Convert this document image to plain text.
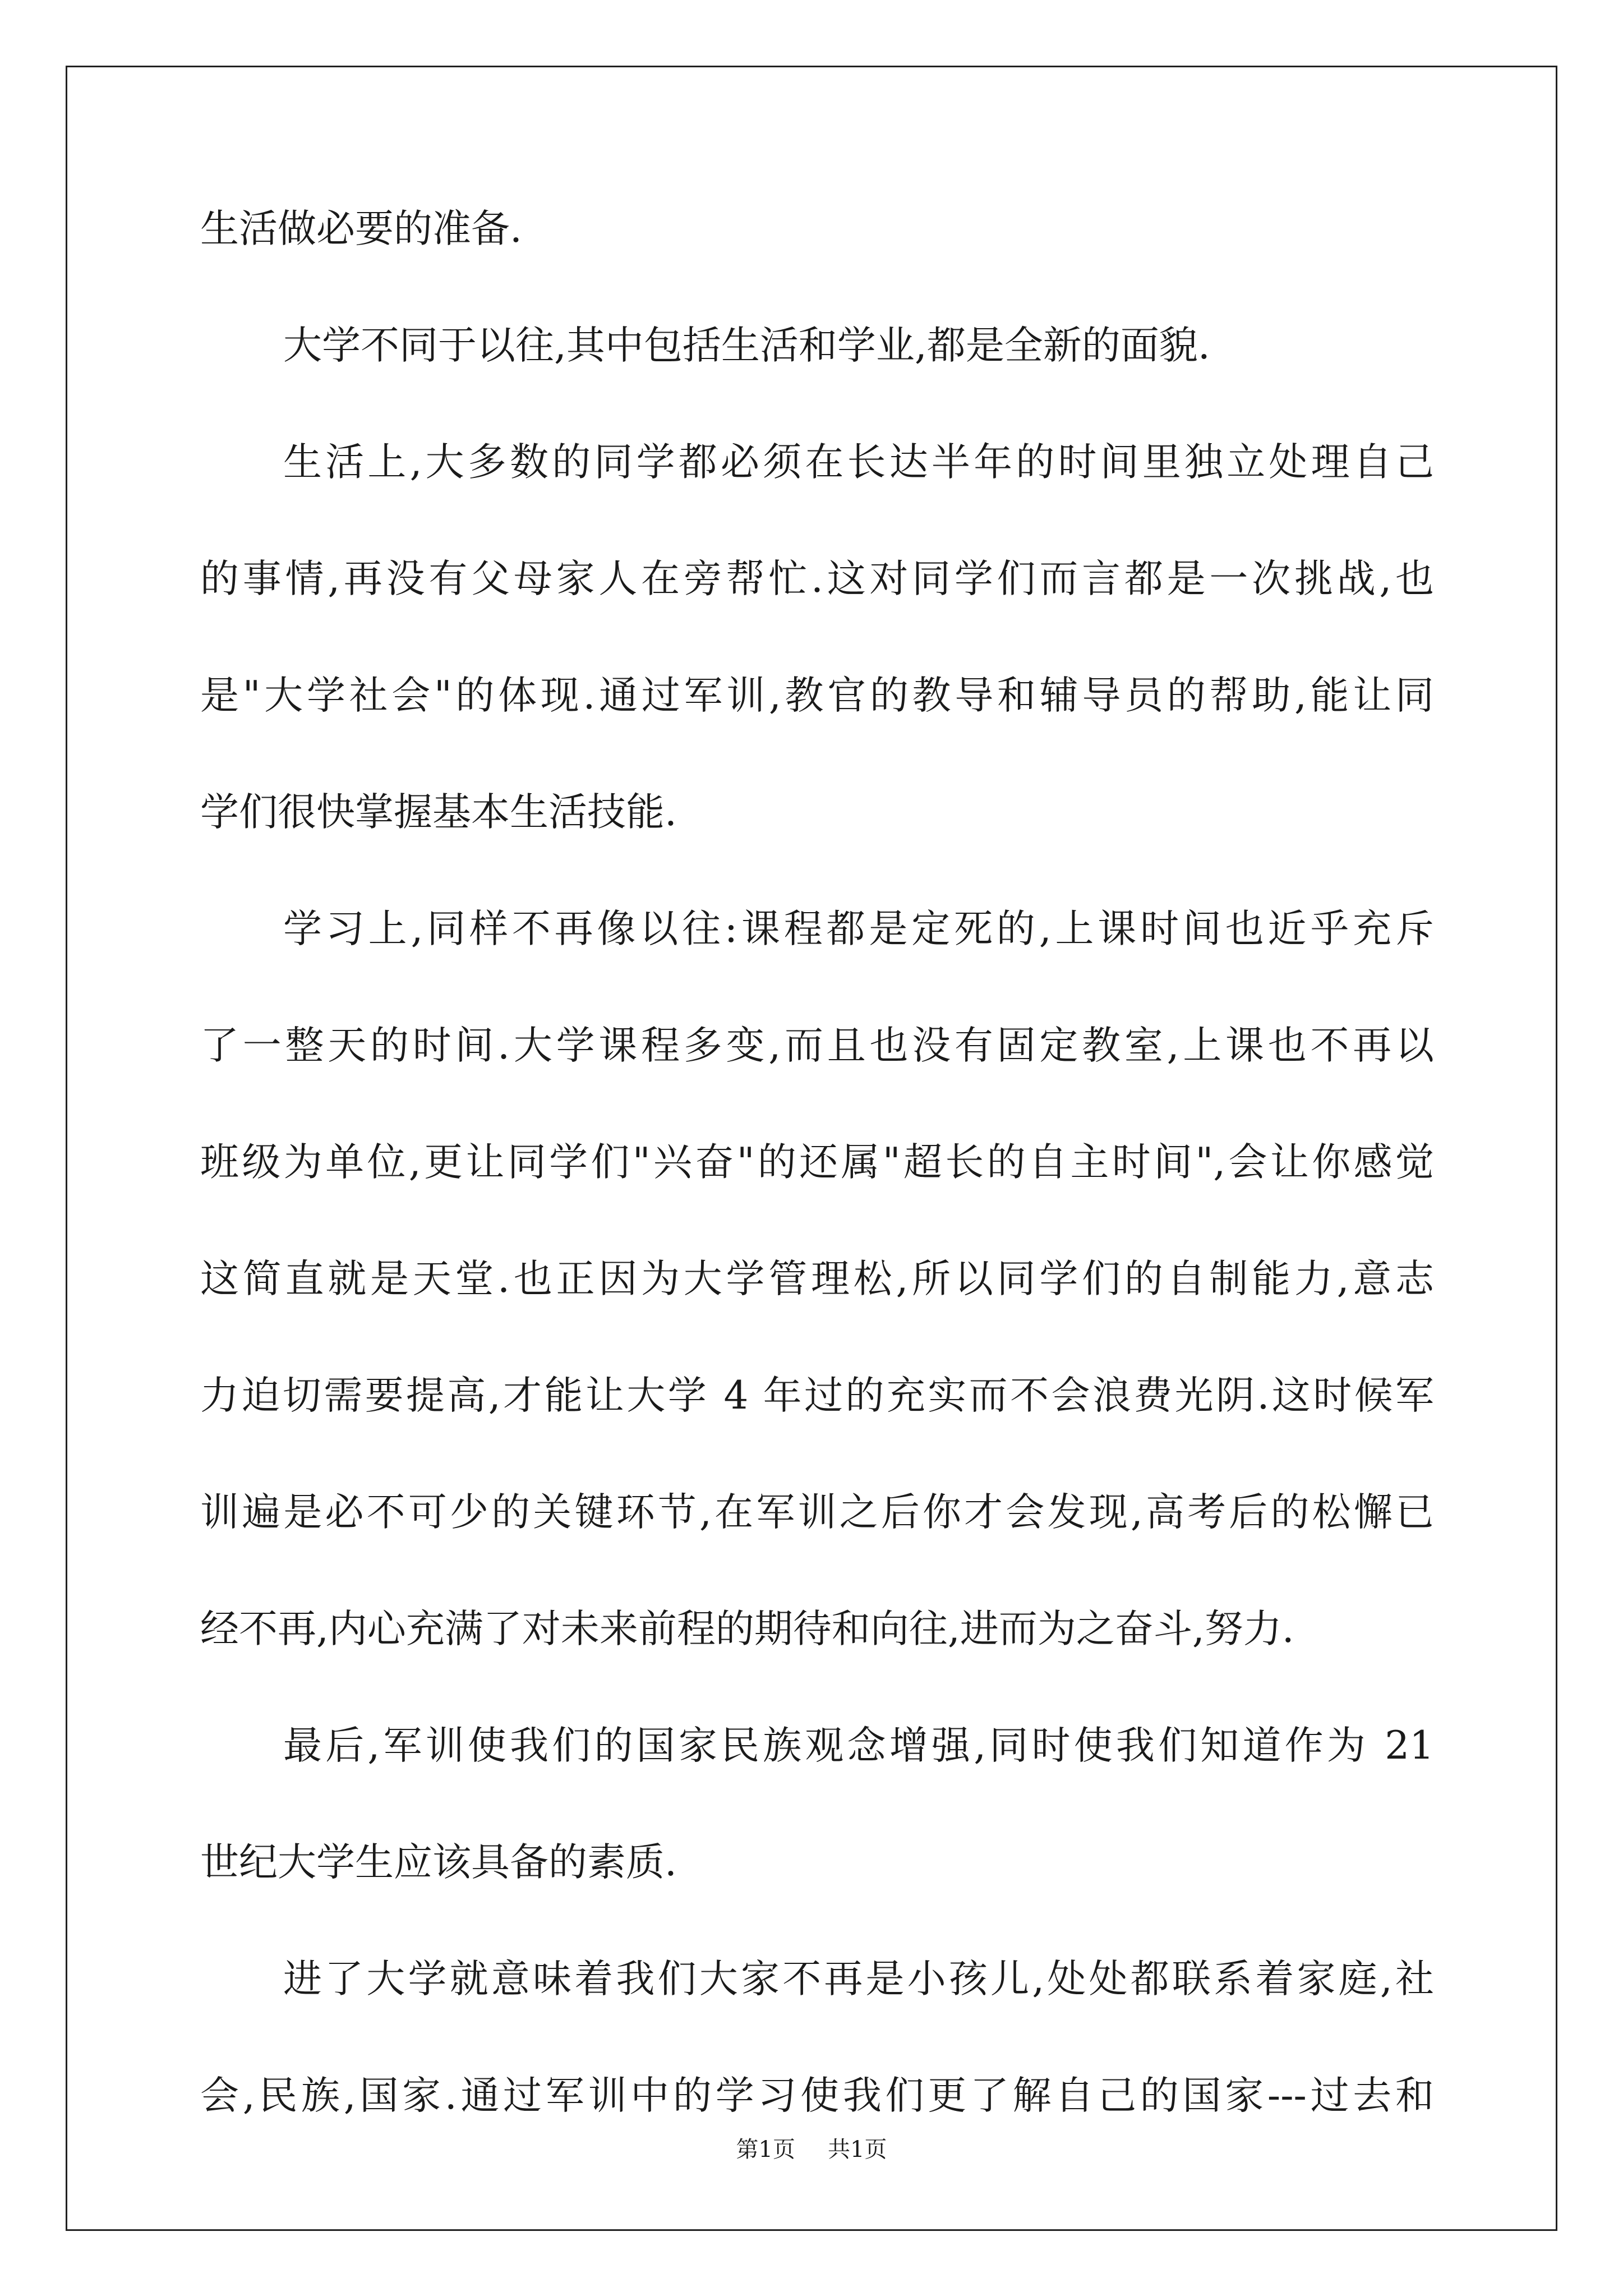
生活做必要的准备.
大学不同于以往,其中包括生活和学业,都是全新的面貌.
生活上,大多数的同学都必须在长达半年的时间里独立处理自己
的事情,再没有父母家人在旁帮忙.这对同学们而言都是一次挑战,也
是"大学社会"的体现.通过军训,教官的教导和辅导员的帮助,能让同
学们很快掌握基本生活技能.
学习上,同样不再像以往:课程都是定死的,上课时间也近乎充斥
了一整天的时间.大学课程多变,而且也没有固定教室,上课也不再以
班级为单位,更让同学们"兴奋"的还属"超长的自主时间",会让你感觉
这简直就是天堂.也正因为大学管理松,所以同学们的自制能力,意志
力迫切需要提高,才能让大学 4 年过的充实而不会浪费光阴.这时候军
训遍是必不可少的关键环节,在军训之后你才会发现,高考后的松懈已
经不再,内心充满了对未来前程的期待和向往,进而为之奋斗,努力.
最后,军训使我们的国家民族观念增强,同时使我们知道作为 21
世纪大学生应该具备的素质.
进了大学就意味着我们大家不再是小孩儿,处处都联系着家庭,社
会,民族,国家.通过军训中的学习使我们更了解自己的国家---过去和
第1页 共1页
